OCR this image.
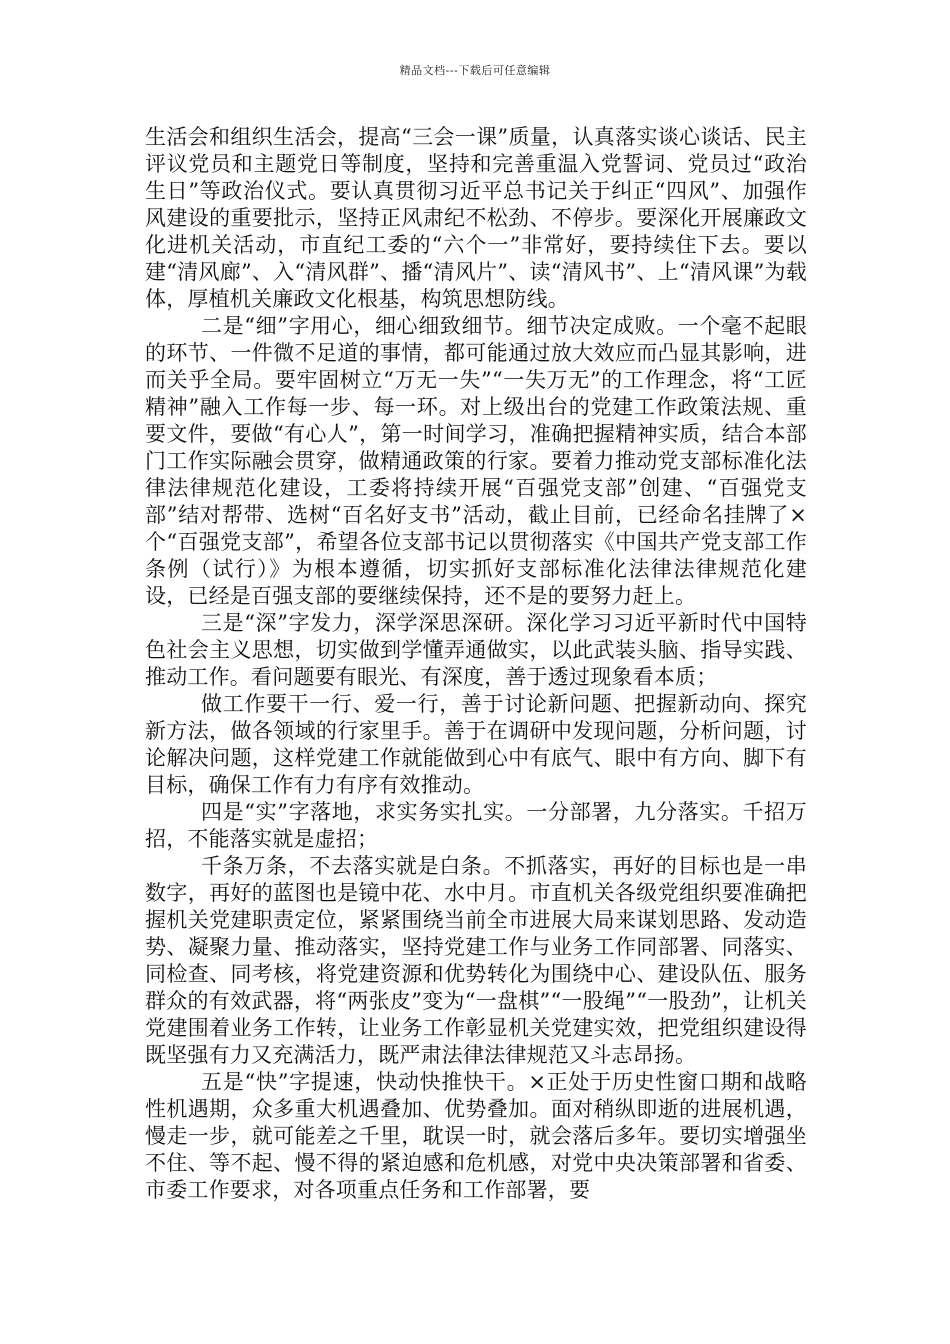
精品文档---下载后可任意编辑

生活会和组织生活会，提高“三会一课”质量，认真落实谈心谈话、民主评议党员和主题党日等制度，坚持和完善重温入党誓词、党员过“政治生日”等政治仪式。要认真贯彻习近平总书记关于纠正“四风”、加强作风建设的重要批示，坚持正风肃纪不松劲、不停步。要深化开展廉政文化进机关活动，市直纪工委的“六个一”非常好，要持续住下去。要以建“清风廊”、入“清风群”、播“清风片”、读“清风书”、上“清风课”为载体，厚植机关廉政文化根基，构筑思想防线。

二是“细”字用心，细心细致细节。细节决定成败。一个毫不起眼的环节、一件微不足道的事情，都可能通过放大效应而凸显其影响，进而关乎全局。要牢固树立“万无一失”“一失万无”的工作理念，将“工匠精神”融入工作每一步、每一环。对上级出台的党建工作政策法规、重要文件，要做“有心人”，第一时间学习，准确把握精神实质，结合本部门工作实际融会贯穿，做精通政策的行家。要着力推动党支部标准化法律法律规范化建设，工委将持续开展“百强党支部”创建、“百强党支部”结对帮带、选树“百名好支书”活动，截止目前，已经命名挂牌了×个“百强党支部”，希望各位支部书记以贯彻落实《中国共产党支部工作条例（试行）》为根本遵循，切实抓好支部标准化法律法律规范化建设，已经是百强支部的要继续保持，还不是的要努力赶上。

三是“深”字发力，深学深思深研。深化学习习近平新时代中国特色社会主义思想，切实做到学懂弄通做实，以此武装头脑、指导实践、推动工作。看问题要有眼光、有深度，善于透过现象看本质；

做工作要干一行、爱一行，善于讨论新问题、把握新动向、探究新方法，做各领域的行家里手。善于在调研中发现问题，分析问题，讨论解决问题，这样党建工作就能做到心中有底气、眼中有方向、脚下有目标，确保工作有力有序有效推动。

四是“实”字落地，求实务实扎实。一分部署，九分落实。千招万招，不能落实就是虚招；

千条万条，不去落实就是白条。不抓落实，再好的目标也是一串数字，再好的蓝图也是镜中花、水中月。市直机关各级党组织要准确把握机关党建职责定位，紧紧围绕当前全市进展大局来谋划思路、发动造势、凝聚力量、推动落实，坚持党建工作与业务工作同部署、同落实、同检查、同考核，将党建资源和优势转化为围绕中心、建设队伍、服务群众的有效武器，将“两张皮”变为“一盘棋”“一股绳”“一股劲”，让机关党建围着业务工作转，让业务工作彰显机关党建实效，把党组织建设得既坚强有力又充满活力，既严肃法律法律规范又斗志昂扬。

五是“快”字提速，快动快推快干。×正处于历史性窗口期和战略性机遇期，众多重大机遇叠加、优势叠加。面对稍纵即逝的进展机遇，慢走一步，就可能差之千里，耽误一时，就会落后多年。要切实增强坐不住、等不起、慢不得的紧迫感和危机感，对党中央决策部署和省委、市委工作要求，对各项重点任务和工作部署，要
